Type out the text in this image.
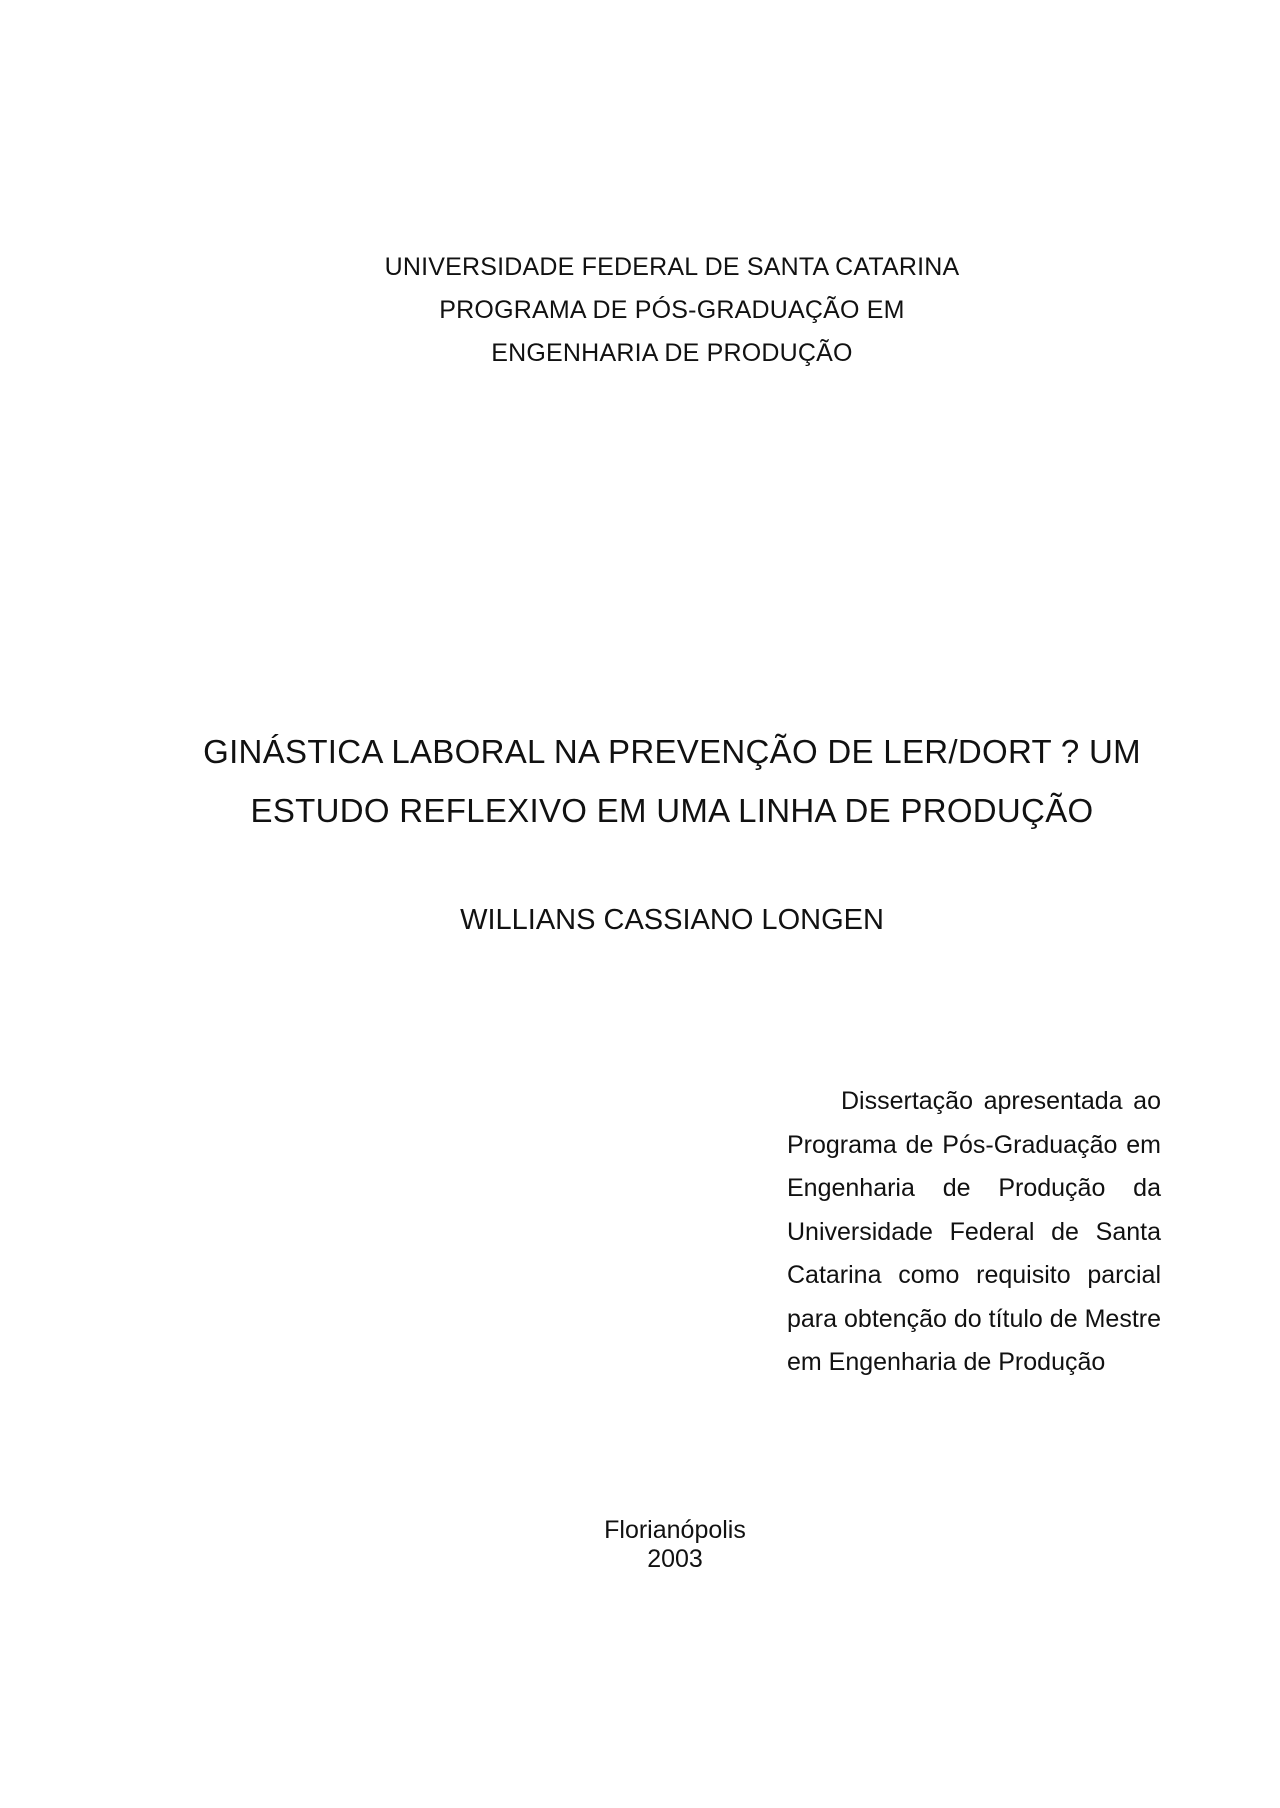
UNIVERSIDADE FEDERAL DE SANTA CATARINA
PROGRAMA DE PÓS-GRADUAÇÃO EM
ENGENHARIA DE PRODUÇÃO
GINÁSTICA LABORAL NA PREVENÇÃO DE LER/DORT ? UM
ESTUDO REFLEXIVO EM UMA LINHA DE PRODUÇÃO
WILLIANS CASSIANO LONGEN
Dissertação apresentada ao Programa de Pós-Graduação em Engenharia de Produção da Universidade Federal de Santa Catarina como requisito parcial para obtenção do título de Mestre em Engenharia de Produção
Florianópolis
2003
